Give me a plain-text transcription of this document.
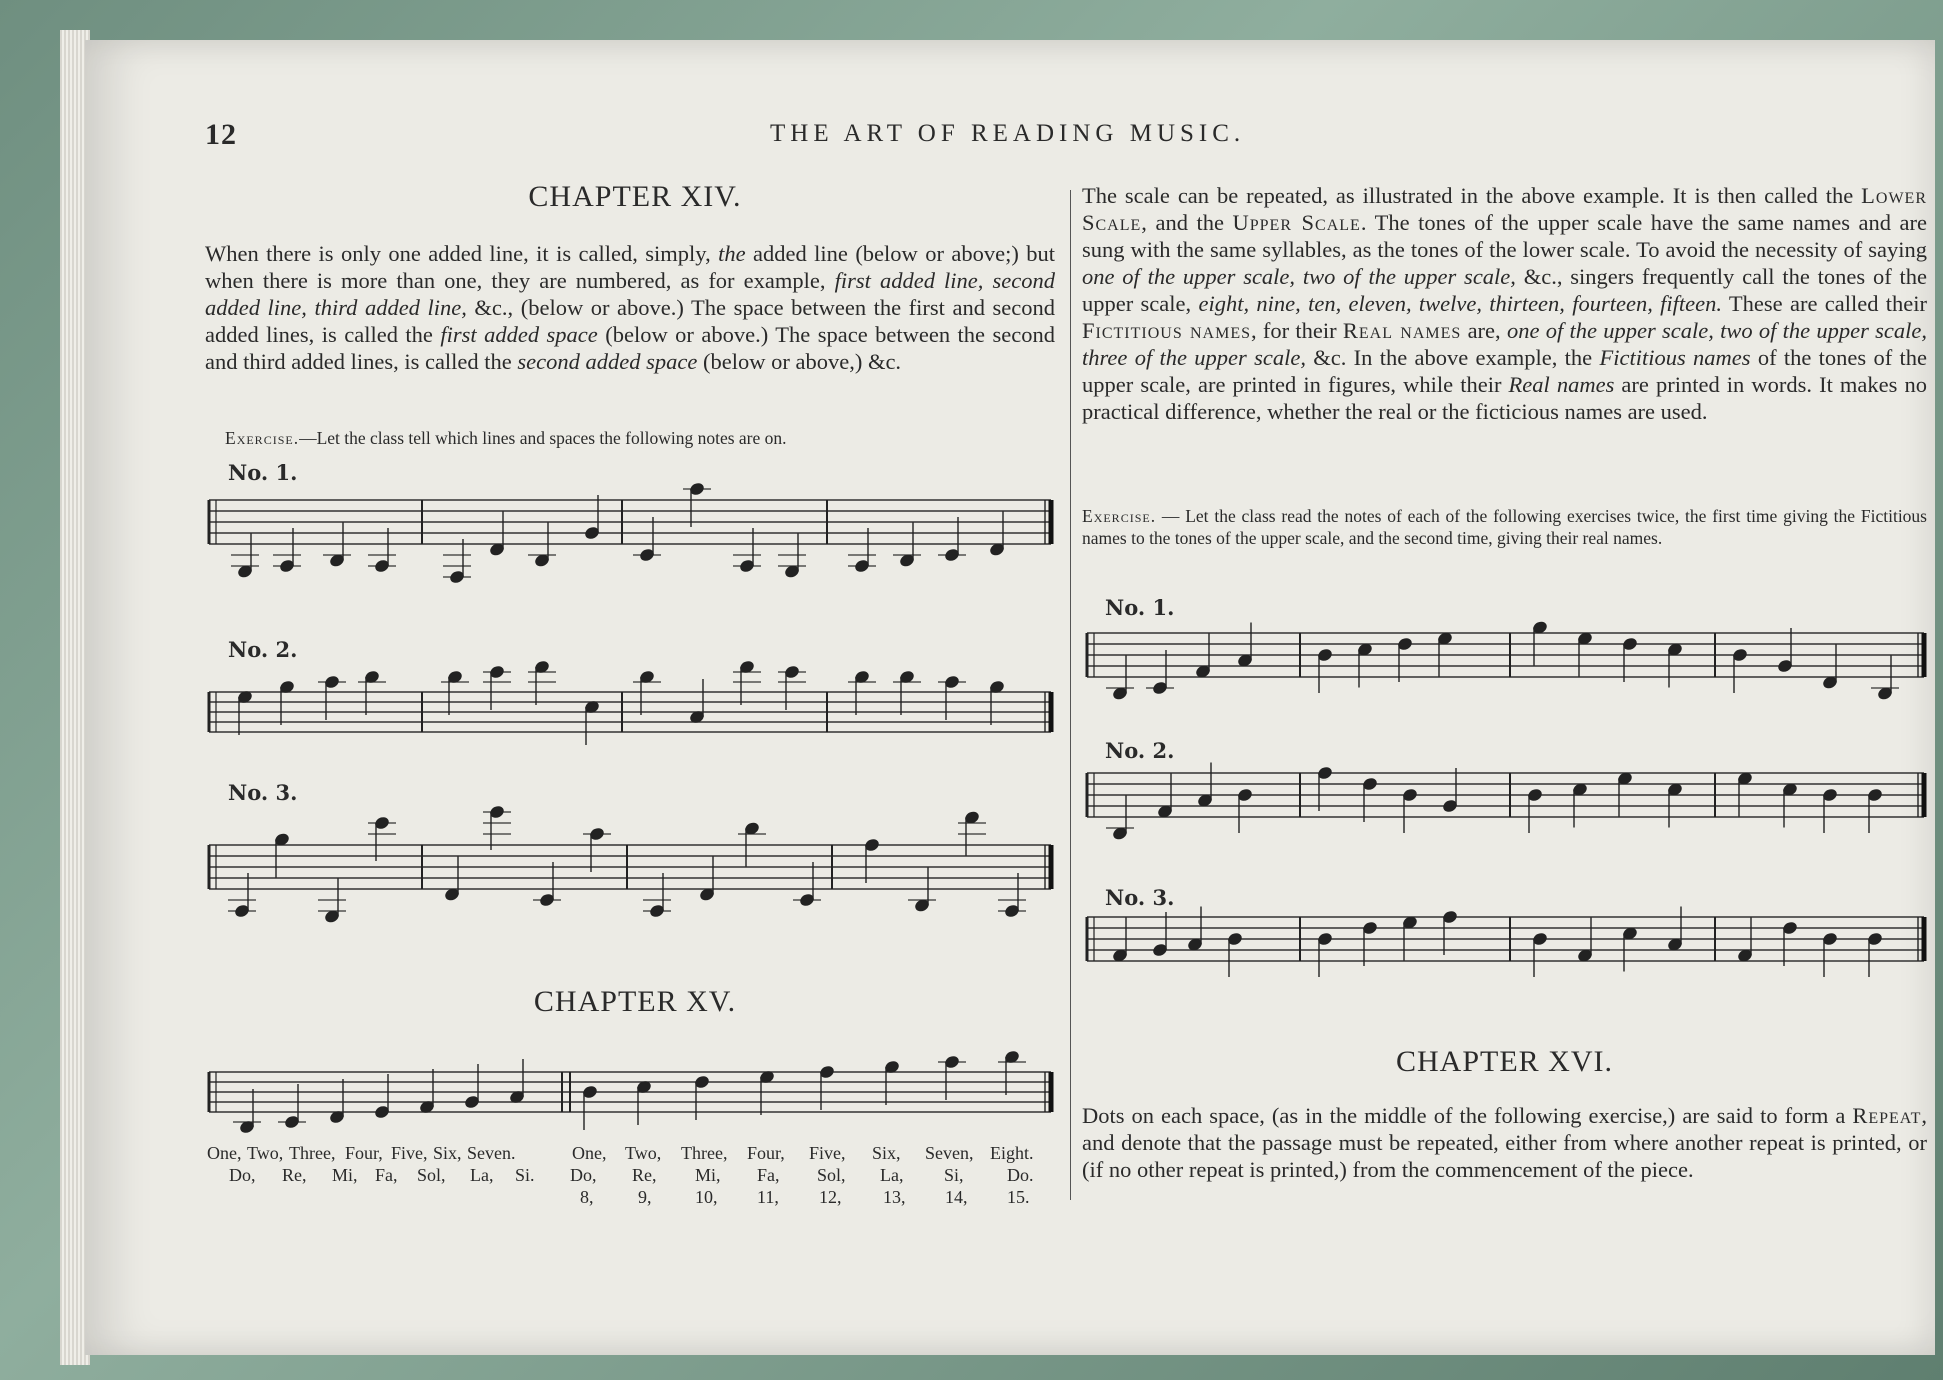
12	THE ART OF READING MUSIC.
CHAPTER XIV.
When there is only one added line, it is called, simply, the added line (below or above;) but when there is more than one, they are numbered, as for example, first added line, second added line, third added line, &c., (below or above.) The space between the first and second added lines, is called the first added space (below or above.) The space between the second and third added lines, is called the second added space (below or above,) &c.
Exercise.—Let the class tell which lines and spaces the following notes are on.
No. 1.
No. 2.
No. 3.
CHAPTER XV.
One, Two, Three, Four, Five, Six, Seven.	One, Two, Three, Four, Five, Six, Seven, Eight.
Do, Re, Mi, Fa, Sol, La, Si. Do, Re, Mi, Fa, Sol, La, Si, Do.
8, 9, 10, 11, 12, 13, 14, 15.
The scale can be repeated, as illustrated in the above example. It is then called the Lower Scale, and the Upper Scale. The tones of the upper scale have the same names and are sung with the same syllables, as the tones of the lower scale. To avoid the necessity of saying one of the upper scale, two of the upper scale, &c., singers frequently call the tones of the upper scale, eight, nine, ten, eleven, twelve, thirteen, fourteen, fifteen. These are called their Fictitious names, for their Real names are, one of the upper scale, two of the upper scale, three of the upper scale, &c. In the above example, the Fictitious names of the tones of the upper scale, are printed in figures, while their Real names are printed in words. It makes no practical difference, whether the real or the ficticious names are used.
Exercise. — Let the class read the notes of each of the following exercises twice, the first time giving the Fictitious names to the tones of the upper scale, and the second time, giving their real names.
No. 1.
No. 2.
No. 3.
CHAPTER XVI.
Dots on each space, (as in the middle of the following exercise,) are said to form a Repeat, and denote that the passage must be repeated, either from where another repeat is printed, or (if no other repeat is printed,) from the commencement of the piece.
